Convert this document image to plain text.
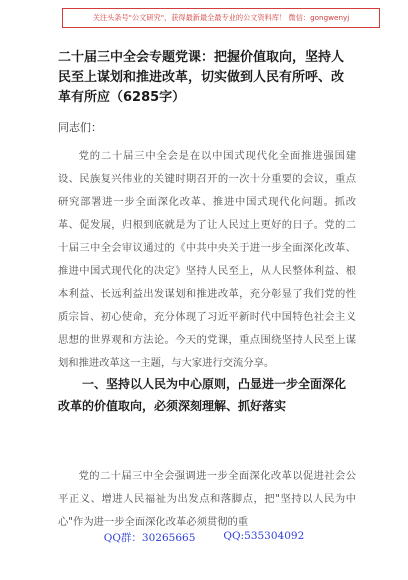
关注头条号"公文研究"，获得最新最全最专业的公文资料库！ 微信：gongwenyj
二十届三中全会专题党课：把握价值取向，坚持人民至上谋划和推进改革，切实做到人民有所呼、改革有所应（6285字）
同志们：

党的二十届三中全会是在以中国式现代化全面推进强国建设、民族复兴伟业的关键时期召开的一次十分重要的会议，重点研究部署进一步全面深化改革、推进中国式现代化问题。抓改革、促发展，归根到底就是为了让人民过上更好的日子。党的二十届三中全会审议通过的《中共中央关于进一步全面深化改革、推进中国式现代化的决定》坚持人民至上，从人民整体利益、根本利益、长远利益出发谋划和推进改革，充分彰显了我们党的性质宗旨、初心使命，充分体现了习近平新时代中国特色社会主义思想的世界观和方法论。今天的党课，重点围绕坚持人民至上谋划和推进改革这一主题，与大家进行交流分享。

一、坚持以人民为中心原则，凸显进一步全面深化改革的价值取向，必须深刻理解、抓好落实

党的二十届三中全会强调进一步全面深化改革以促进社会公平正义、增进人民福祉为出发点和落脚点，把"坚持以人民为中心"作为进一步全面深化改革必须贯彻的重

QQ群：30265665	QQ:535304092
